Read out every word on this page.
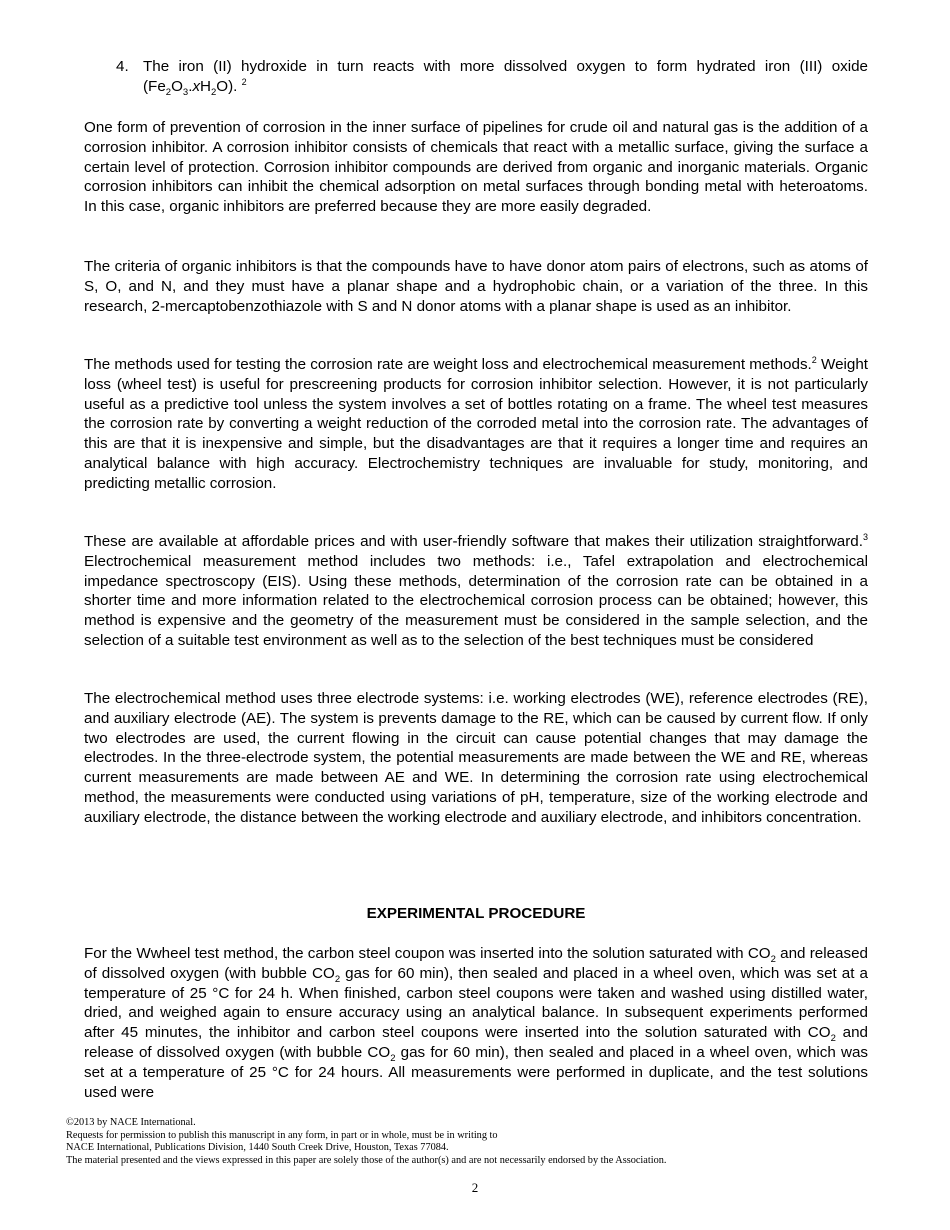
4. The iron (II) hydroxide in turn reacts with more dissolved oxygen to form hydrated iron (III) oxide $(Fe_2O_3.xH_2O)$. $^2$

One form of prevention of corrosion in the inner surface of pipelines for crude oil and natural gas is the addition of a corrosion inhibitor. A corrosion inhibitor consists of chemicals that react with a metallic surface, giving the surface a certain level of protection. Corrosion inhibitor compounds are derived from organic and inorganic materials. Organic corrosion inhibitors can inhibit the chemical adsorption on metal surfaces through bonding metal with heteroatoms. In this case, organic inhibitors are preferred because they are more easily degraded.

The criteria of organic inhibitors is that the compounds have to have donor atom pairs of electrons, such as atoms of S, O, and N, and they must have a planar shape and a hydrophobic chain, or a variation of the three. In this research, 2-mercaptobenzothiazole with S and N donor atoms with a planar shape is used as an inhibitor.

The methods used for testing the corrosion rate are weight loss and electrochemical measurement methods.$^2$ Weight loss (wheel test) is useful for prescreening products for corrosion inhibitor selection. However, it is not particularly useful as a predictive tool unless the system involves a set of bottles rotating on a frame. The wheel test measures the corrosion rate by converting a weight reduction of the corroded metal into the corrosion rate. The advantages of this are that it is inexpensive and simple, but the disadvantages are that it requires a longer time and requires an analytical balance with high accuracy. Electrochemistry techniques are invaluable for study, monitoring, and predicting metallic corrosion.

These are available at affordable prices and with user-friendly software that makes their utilization straightforward.$^3$ Electrochemical measurement method includes two methods: i.e., Tafel extrapolation and electrochemical impedance spectroscopy (EIS). Using these methods, determination of the corrosion rate can be obtained in a shorter time and more information related to the electrochemical corrosion process can be obtained; however, this method is expensive and the geometry of the measurement must be considered in the sample selection, and the selection of a suitable test environment as well as to the selection of the best techniques must be considered

The electrochemical method uses three electrode systems: i.e. working electrodes (WE), reference electrodes (RE), and auxiliary electrode (AE). The system is prevents damage to the RE, which can be caused by current flow. If only two electrodes are used, the current flowing in the circuit can cause potential changes that may damage the electrodes. In the three-electrode system, the potential measurements are made between the WE and RE, whereas current measurements are made between AE and WE. In determining the corrosion rate using electrochemical method, the measurements were conducted using variations of pH, temperature, size of the working electrode and auxiliary electrode, the distance between the working electrode and auxiliary electrode, and inhibitors concentration.

EXPERIMENTAL PROCEDURE

For the Wwheel test method, the carbon steel coupon was inserted into the solution saturated with $CO_2$ and released of dissolved oxygen (with bubble $CO_2$ gas for 60 min), then sealed and placed in a wheel oven, which was set at a temperature of 25 °C for 24 h. When finished, carbon steel coupons were taken and washed using distilled water, dried, and weighed again to ensure accuracy using an analytical balance. In subsequent experiments performed after 45 minutes, the inhibitor and carbon steel coupons were inserted into the solution saturated with $CO_2$ and release of dissolved oxygen (with bubble $CO_2$ gas for 60 min), then sealed and placed in a wheel oven, which was set at a temperature of 25 °C for 24 hours. All measurements were performed in duplicate, and the test solutions used were

©2013 by NACE International.
Requests for permission to publish this manuscript in any form, in part or in whole, must be in writing to
NACE International, Publications Division, 1440 South Creek Drive, Houston, Texas 77084.
The material presented and the views expressed in this paper are solely those of the author(s) and are not necessarily endorsed by the Association.
2
